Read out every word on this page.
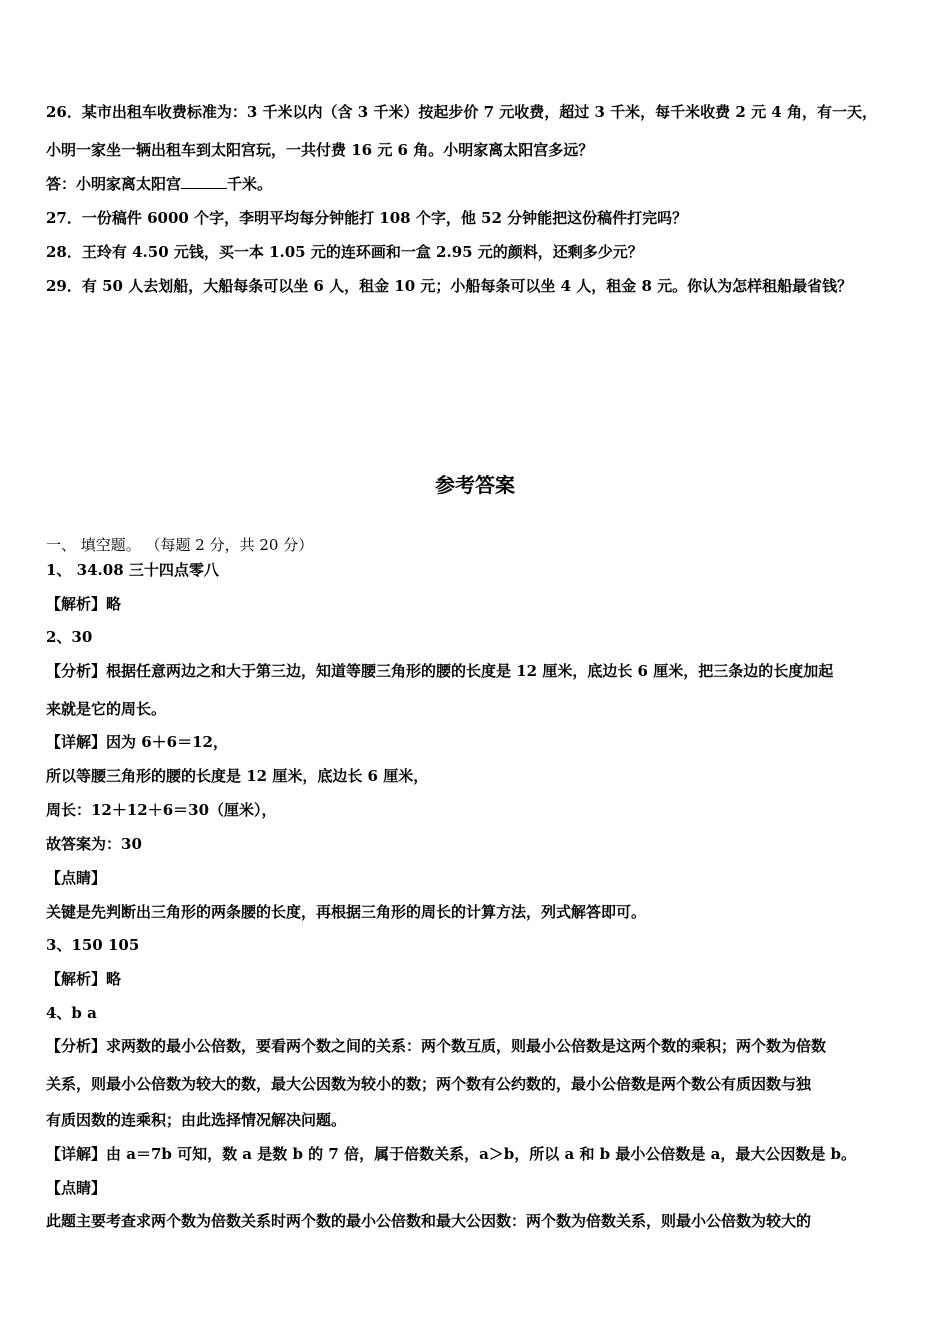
26．某市出租车收费标准为：3 千米以内（含 3 千米）按起步价 7 元收费，超过 3 千米，每千米收费 2 元 4 角，有一天，
小明一家坐一辆出租车到太阳宫玩，一共付费 16 元 6 角。小明家离太阳宫多远？
答：小明家离太阳宫	千米。
27．一份稿件 6000 个字，李明平均每分钟能打 108 个字，他 52 分钟能把这份稿件打完吗？
28．王玲有 4.50 元钱，买一本 1.05 元的连环画和一盒 2.95 元的颜料，还剩多少元？
29．有 50 人去划船，大船每条可以坐 6 人，租金 10 元；小船每条可以坐 4 人，租金 8 元。你认为怎样租船最省钱？
参考答案
一、 填空题。 （每题 2 分，共 20 分）
1、 34.08 三十四点零八
【解析】略
2、30
【分析】根据任意两边之和大于第三边，知道等腰三角形的腰的长度是 12 厘米，底边长 6 厘米，把三条边的长度加起
来就是它的周长。
【详解】因为 6＋6＝12，
所以等腰三角形的腰的长度是 12 厘米，底边长 6 厘米，
周长：12＋12＋6＝30（厘米），
故答案为：30
【点睛】
关键是先判断出三角形的两条腰的长度，再根据三角形的周长的计算方法，列式解答即可。
3、150 105
【解析】略
4、b a
【分析】求两数的最小公倍数，要看两个数之间的关系：两个数互质，则最小公倍数是这两个数的乘积；两个数为倍数
关系，则最小公倍数为较大的数，最大公因数为较小的数；两个数有公约数的，最小公倍数是两个数公有质因数与独
有质因数的连乘积；由此选择情况解决问题。
【详解】由 a＝7b 可知，数 a 是数 b 的 7 倍，属于倍数关系，a＞b，所以 a 和 b 最小公倍数是 a，最大公因数是 b。
【点睛】
此题主要考查求两个数为倍数关系时两个数的最小公倍数和最大公因数：两个数为倍数关系，则最小公倍数为较大的
